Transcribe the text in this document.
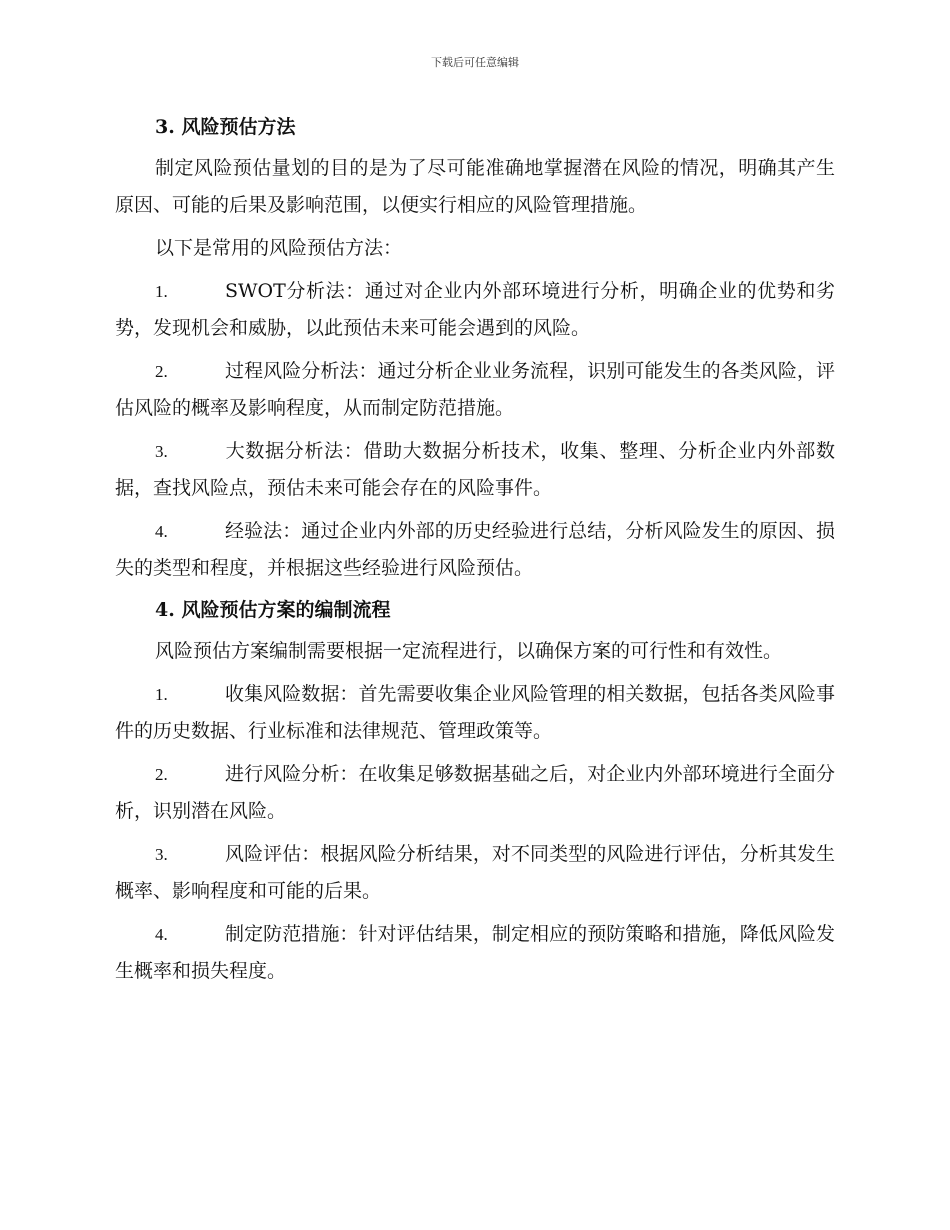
下载后可任意编辑
3. 风险预估方法

制定风险预估量划的目的是为了尽可能准确地掌握潜在风险的情况，明确其产生原因、可能的后果及影响范围，以便实行相应的风险管理措施。

以下是常用的风险预估方法：

1.	SWOT分析法：通过对企业内外部环境进行分析，明确企业的优势和劣势，发现机会和威胁，以此预估未来可能会遇到的风险。

2.	过程风险分析法：通过分析企业业务流程，识别可能发生的各类风险，评估风险的概率及影响程度，从而制定防范措施。

3.	大数据分析法：借助大数据分析技术，收集、整理、分析企业内外部数据，查找风险点，预估未来可能会存在的风险事件。

4.	经验法：通过企业内外部的历史经验进行总结，分析风险发生的原因、损失的类型和程度，并根据这些经验进行风险预估。

4. 风险预估方案的编制流程

风险预估方案编制需要根据一定流程进行，以确保方案的可行性和有效性。

1.	收集风险数据：首先需要收集企业风险管理的相关数据，包括各类风险事件的历史数据、行业标准和法律规范、管理政策等。

2.	进行风险分析：在收集足够数据基础之后，对企业内外部环境进行全面分析，识别潜在风险。

3.	风险评估：根据风险分析结果，对不同类型的风险进行评估，分析其发生概率、影响程度和可能的后果。

4.	制定防范措施：针对评估结果，制定相应的预防策略和措施，降低风险发生概率和损失程度。
